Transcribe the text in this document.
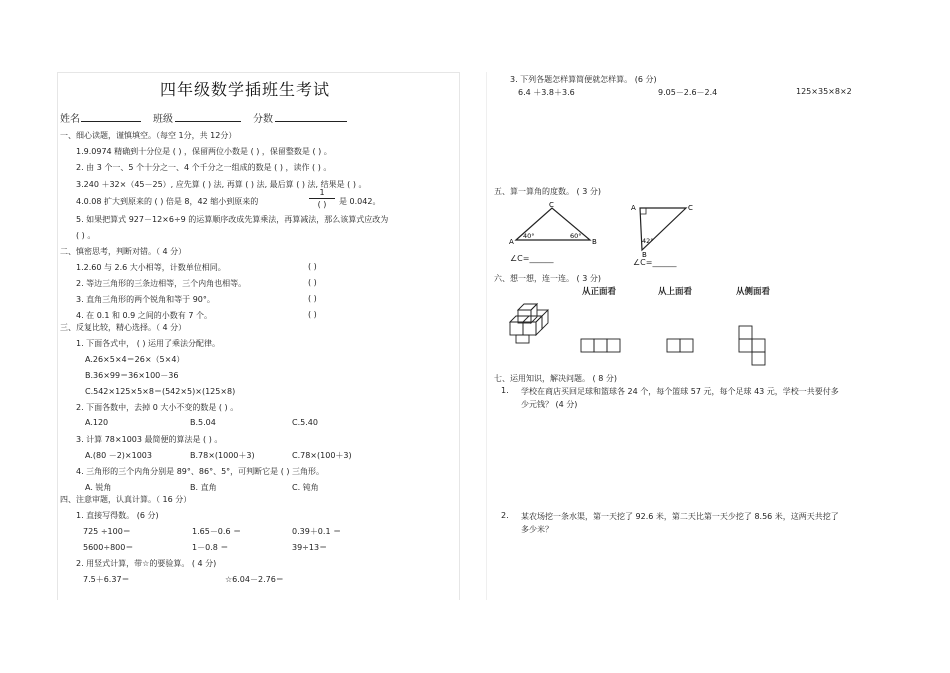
四年级数学插班生考试
姓名	班级	分数
一、细心读题，谨慎填空。（每空 1分，共 12分）
1.9.0974 精确到十分位是 ( ) ，保留两位小数是 ( ) ，保留整数是 ( ) 。
2. 由 3 个一、5 个十分之一、4 个千分之一组成的数是 ( ) ，读作 ( ) 。
3.240 ＋32×（45－25）, 应先算 ( ) 法, 再算 ( ) 法, 最后算 ( ) 法, 结果是 ( ) 。
4.0.08 扩大到原来的 ( ) 倍是 8，42 缩小到原来的
1
( )	是 0.042。
5. 如果把算式 927－12×6÷9 的运算顺序改成先算乘法，再算减法，那么该算式应改为
( ) 。
二、慎密思考，判断对错。（ 4 分）
1.2.60 与 2.6 大小相等，计数单位相同。	( )
2. 等边三角形的三条边相等，三个内角也相等。	( )
3. 直角三角形的两个锐角和等于 90°。	( )
4. 在 0.1 和 0.9 之间的小数有 7 个。	( )
三、反复比较，精心选择。（ 4 分）
1. 下面各式中， ( ) 运用了乘法分配律。
A.26×5×4＝26×（5×4）
B.36×99＝36×100－36
C.542×125×5×8＝(542×5)×(125×8)
2. 下面各数中，去掉 0 大小不变的数是 ( ) 。
A.120	B.5.04	C.5.40
3. 计算 78×1003 最简便的算法是 ( ) 。
A.(80 －2)×1003	B.78×(1000＋3)	C.78×(100＋3)
4. 三角形的三个内角分别是 89°、86°、5°，可判断它是 ( ) 三角形。
A. 锐角	B. 直角	C. 钝角
四、注意审题，认真计算。（ 16 分）
1. 直接写得数。 (6 分)
725 ÷100＝	1.65－0.6 ＝	0.39＋0.1 ＝
5600÷800＝	1－0.8 ＝	39÷13＝
2. 用竖式计算，带☆的要验算。 ( 4 分)
7.5＋6.37＝	☆6.04－2.76＝
3. 下列各题怎样算简便就怎样算。 (6 分)
6.4 ＋3.8＋3.6	9.05－2.6－2.4	125×35×8×2
五、算一算角的度数。 ( 3 分)
A
C
B
40°	60°
∠C=______
A	C
B
42°
∠C=______
六、想一想，连一连。 ( 3 分)
从正面看	从上面看	从侧面看
七、运用知识，解决问题。 ( 8 分)
1. 学校在商店买回足球和篮球各 24 个，每个篮球 57 元，每个足球 43 元，学校一共要付多
少元钱？ (4 分)
2. 某农场挖一条水渠，第一天挖了 92.6 米，第二天比第一天少挖了 8.56 米，这两天共挖了
多少米？
